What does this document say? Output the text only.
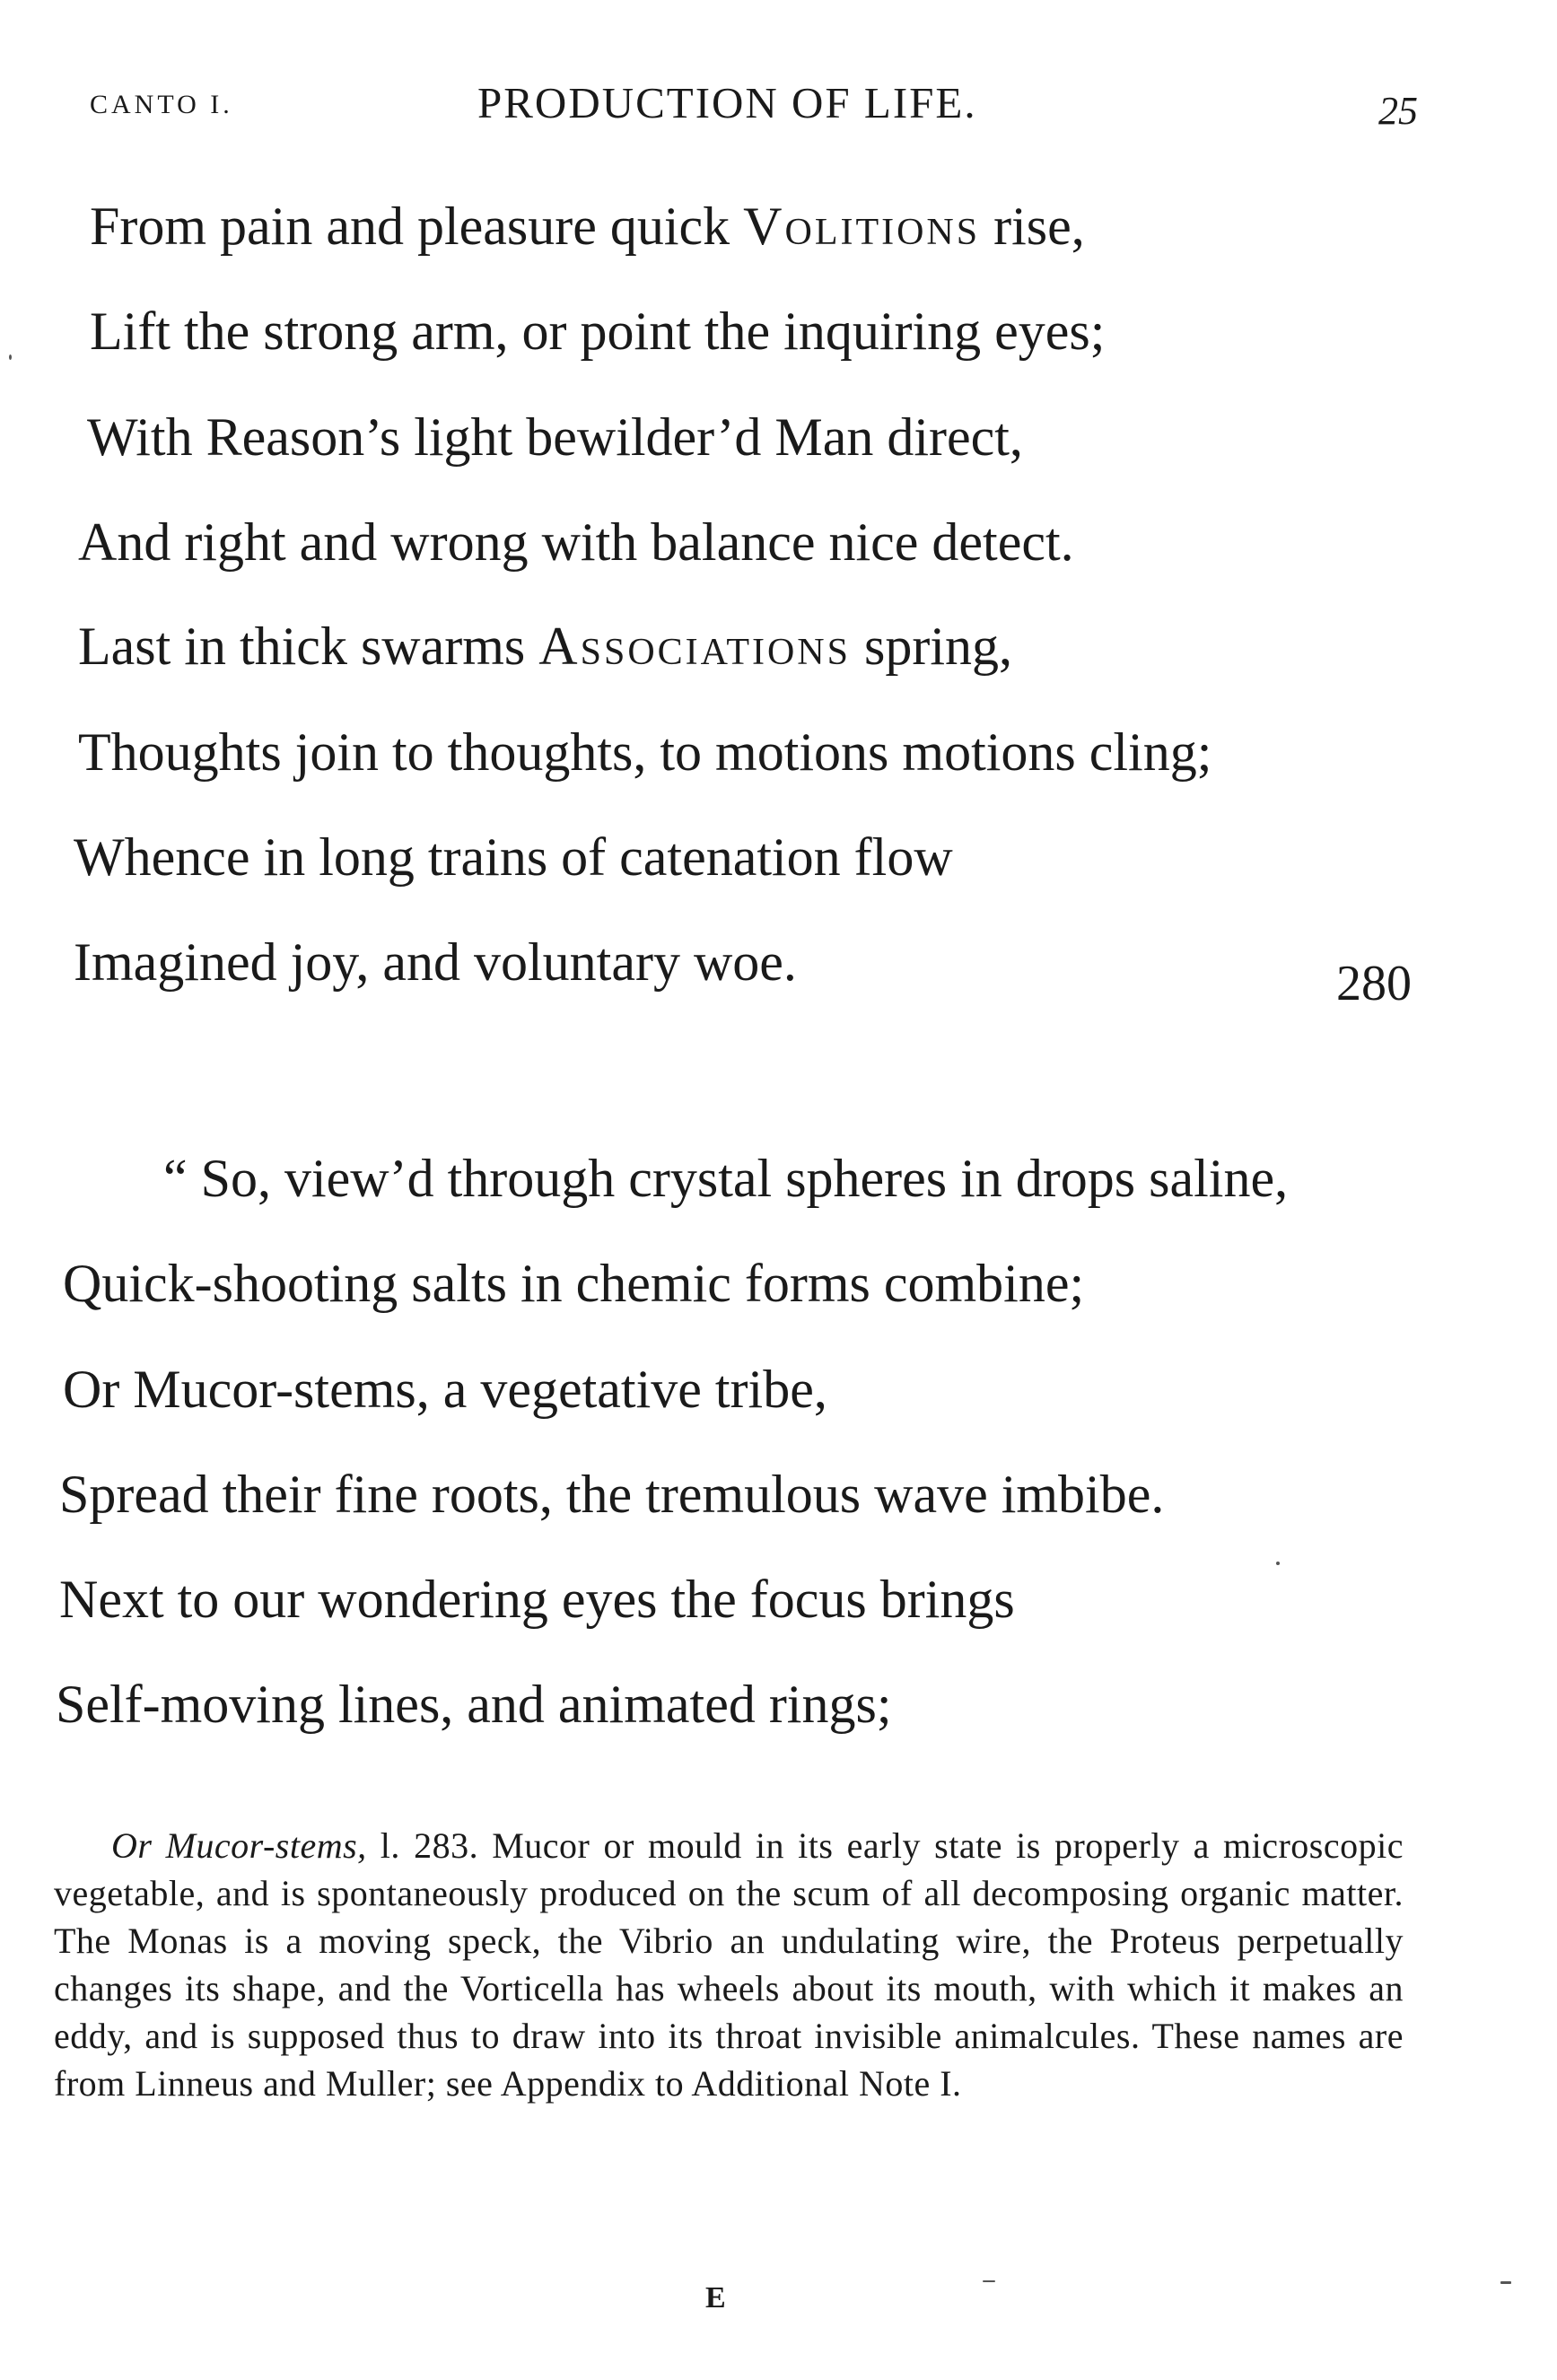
CANTO I.	PRODUCTION OF LIFE.	25
From pain and pleasure quick Volitions rise,
Lift the strong arm, or point the inquiring eyes;
With Reason’s light bewilder’d Man direct,
And right and wrong with balance nice detect.
Last in thick swarms Associations spring,
Thoughts join to thoughts, to motions motions cling;
Whence in long trains of catenation flow
Imagined joy, and voluntary woe.	280
“ So, view’d through crystal spheres in drops saline,
Quick-shooting salts in chemic forms combine;
Or Mucor-stems, a vegetative tribe,
Spread their fine roots, the tremulous wave imbibe.
Next to our wondering eyes the focus brings
Self-moving lines, and animated rings;
Or Mucor-stems, l. 283. Mucor or mould in its early state is properly a microscopic vegetable, and is spontaneously produced on the scum of all decomposing organic matter. The Monas is a moving speck, the Vibrio an undulating wire, the Proteus perpetually changes its shape, and the Vorticella has wheels about its mouth, with which it makes an eddy, and is supposed thus to draw into its throat invisible animalcules. These names are from Linneus and Muller; see Appendix to Additional Note I.
E
